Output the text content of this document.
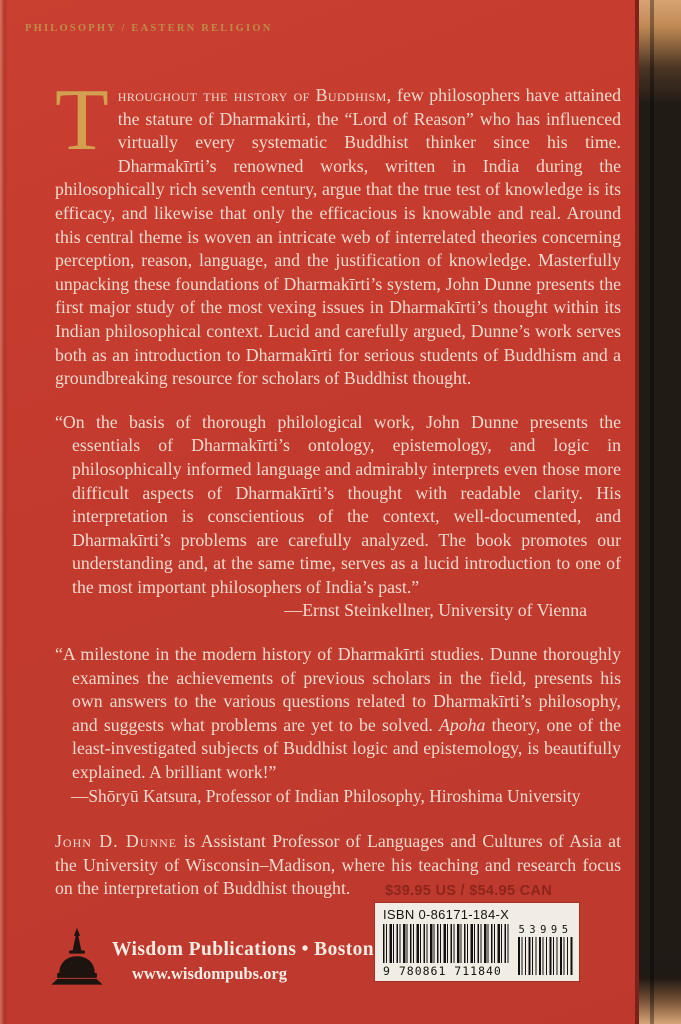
PHILOSOPHY / EASTERN RELIGION

Throughout the history of Buddhism, few philosophers have attained the stature of Dharmakirti, the “Lord of Reason” who has influenced virtually every systematic Buddhist thinker since his time. Dharmakīrti’s renowned works, written in India during the philosophically rich seventh century, argue that the true test of knowledge is its efficacy, and likewise that only the efficacious is knowable and real. Around this central theme is woven an intricate web of interrelated theories concerning perception, reason, language, and the justification of knowledge. Masterfully unpacking these foundations of Dharmakīrti’s system, John Dunne presents the first major study of the most vexing issues in Dharmakīrti’s thought within its Indian philosophical context. Lucid and carefully argued, Dunne’s work serves both as an introduction to Dharmakīrti for serious students of Buddhism and a groundbreaking resource for scholars of Buddhist thought.

“On the basis of thorough philological work, John Dunne presents the essentials of Dharmakīrti’s ontology, epistemology, and logic in philosophically informed language and admirably interprets even those more difficult aspects of Dharmakīrti’s thought with readable clarity. His interpretation is conscientious of the context, well-documented, and Dharmakīrti’s problems are carefully analyzed. The book promotes our understanding and, at the same time, serves as a lucid introduction to one of the most important philosophers of India’s past.”

—Ernst Steinkellner, University of Vienna

“A milestone in the modern history of Dharmakīrti studies. Dunne thoroughly examines the achievements of previous scholars in the field, presents his own answers to the various questions related to Dharmakīrti’s philosophy, and suggests what problems are yet to be solved. Apoha theory, one of the least-investigated subjects of Buddhist logic and epistemology, is beautifully explained. A brilliant work!”

—Shōryū Katsura, Professor of Indian Philosophy, Hiroshima University

John D. Dunne is Assistant Professor of Languages and Cultures of Asia at the University of Wisconsin–Madison, where his teaching and research focus on the interpretation of Buddhist thought.	$39.95 US / $54.95 CAN
ISBN 0-86171-184-X
9 780861 711840
53995
Wisdom Publications • Boston
www.wisdompubs.org
